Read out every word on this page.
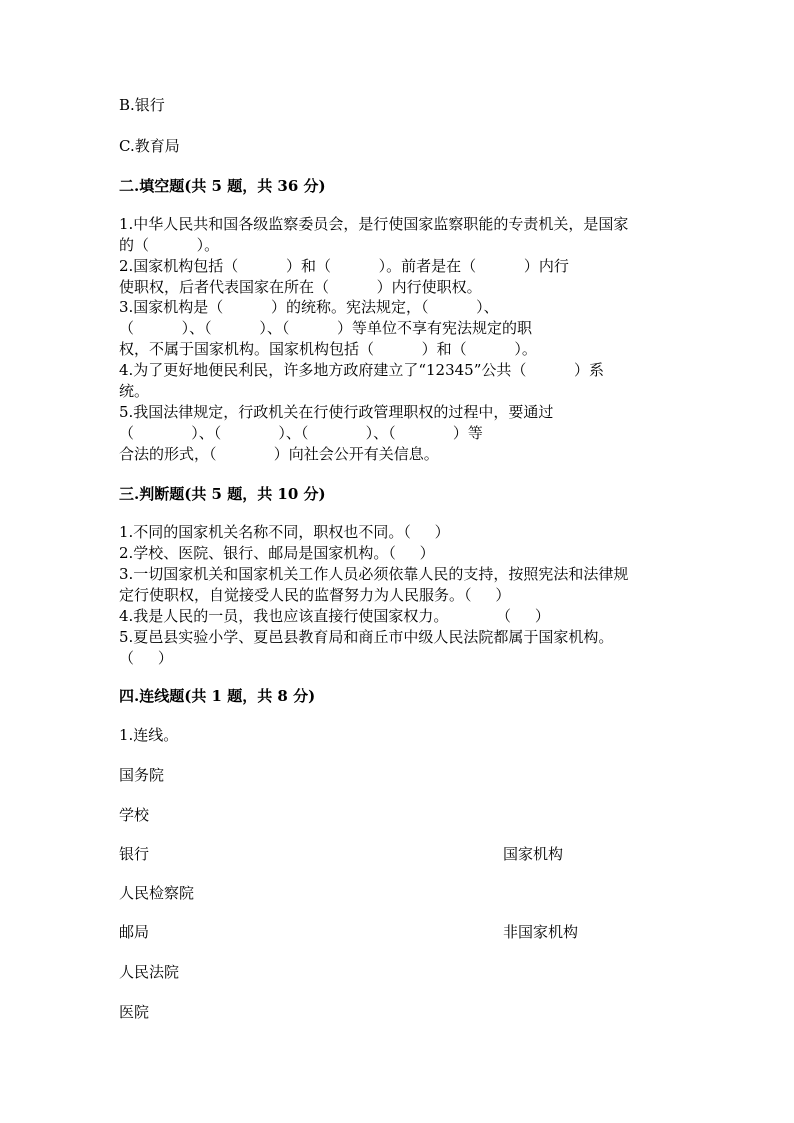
B.银行
C.教育局
二.填空题(共 5 题，共 36 分)
1.中华人民共和国各级监察委员会，是行使国家监察职能的专责机关，是国家
的（          ）。
2.国家机构包括（          ）和（          ）。前者是在（          ）内行
使职权，后者代表国家在所在（          ）内行使职权。
3.国家机构是（          ）的统称。宪法规定，（          ）、
（          ）、（          ）、（          ）等单位不享有宪法规定的职
权，不属于国家机构。国家机构包括（          ）和（          ）。
4.为了更好地便民利民，许多地方政府建立了“12345”公共（          ）系
统。
5.我国法律规定，行政机关在行使行政管理职权的过程中，要通过
（            ）、（            ）、（            ）、（            ）等
合法的形式，（            ）向社会公开有关信息。
三.判断题(共 5 题，共 10 分)
1.不同的国家机关名称不同，职权也不同。（     ）
2.学校、医院、银行、邮局是国家机构。（     ）
3.一切国家机关和国家机关工作人员必须依靠人民的支持，按照宪法和法律规
定行使职权，自觉接受人民的监督努力为人民服务。（     ）
4.我是人民的一员，我也应该直接行使国家权力。          （     ）
5.夏邑县实验小学、夏邑县教育局和商丘市中级人民法院都属于国家机构。
（     ）
四.连线题(共 1 题，共 8 分)
1.连线。
国务院
学校
银行	国家机构
人民检察院
邮局	非国家机构
人民法院
医院
